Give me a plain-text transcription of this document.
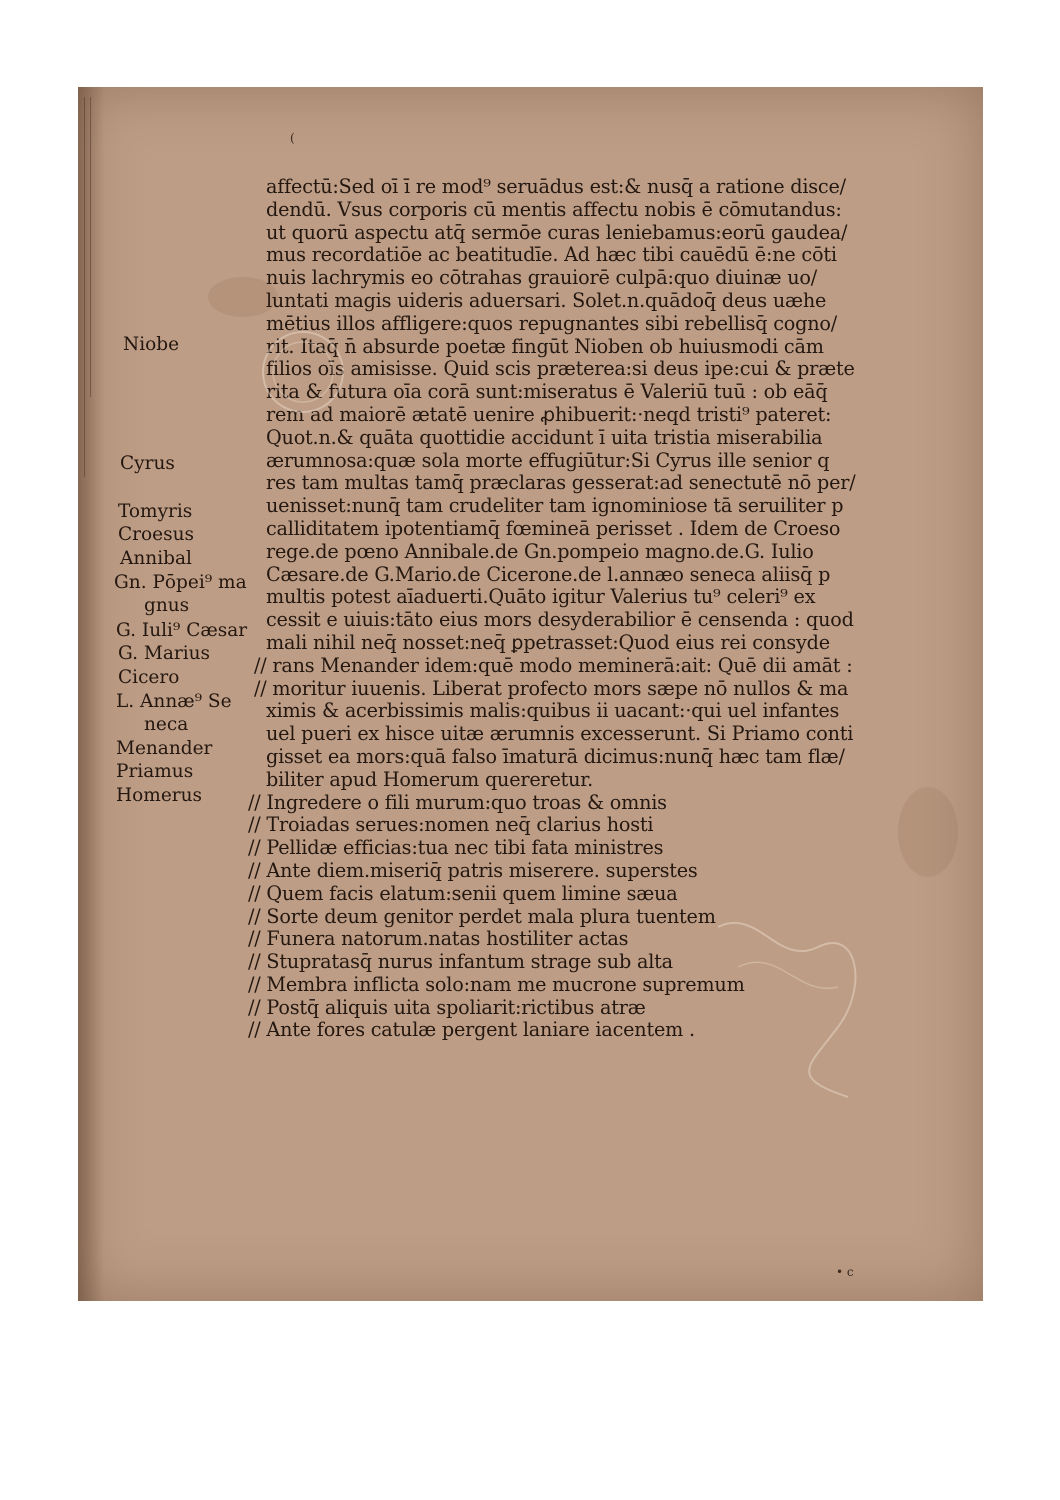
(
Niobe
Cyrus
Tomyris
Croesus
Annibal
Gn. Pōpei⁹ ma
gnus
G. Iuli⁹ Cæsar
G. Marius
Cicero
L. Annæ⁹ Se
neca
Menander
Priamus
Homerus
affectū:Sed oī ī re mod⁹ seruādus est:& nusq̄ a ratione disce/
dendū. Vsus corporis cū mentis affectu nobis ē cōmutandus:
ut quorū aspectu atq̄ sermōe curas leniebamus:eorū gaudea/
mus recordatiōe ac beatitudīe. Ad hæc tibi cauēdū ē:ne cōti
nuis lachrymis eo cōtrahas grauiorē culpā:quo diuinæ uo/
luntati magis uideris aduersari. Solet.n.quādoq̄ deus uæhe
mētius illos affligere:quos repugnantes sibi rebellisq̄ cogno/
rit. Itaq̄ n̄ absurde poetæ fingūt Nioben ob huiusmodi cām
filios oīs amisisse. Quid scis præterea:si deus ipe:cui & præte
rita & futura oīa corā sunt:miseratus ē Valeriū tuū : ob eāq̄
rem ad maiorē ætatē uenire ꝓhibuerit:·neqd tristi⁹ pateret:
Quot.n.& quāta quottidie accidunt ī uita tristia miserabilia
ærumnosa:quæ sola morte effugiūtur:Si Cyrus ille senior q
res tam multas tamq̄ præclaras gesserat:ad senectutē nō per/
uenisset:nunq̄ tam crudeliter tam ignominiose tā seruiliter p
calliditatem ipotentiamq̄ fœmineā perisset . Idem de Croeso
rege.de pœno Annibale.de Gn.pompeio magno.de.G. Iulio
Cæsare.de G.Mario.de Cicerone.de l.annæo seneca aliisq̄ p
multis potest aīaduerti.Quāto igitur Valerius tu⁹ celeri⁹ ex
cessit e uiuis:tāto eius mors desyderabilior ē censenda : quod
mali nihil neq̄ nosset:neq̄ ꝑpetrasset:Quod eius rei consyde
// rans Menander idem:quē modo meminerā:ait: Quē dii amāt :
// moritur iuuenis. Liberat profecto mors sæpe nō nullos & ma
ximis & acerbissimis malis:quibus ii uacant:·qui uel infantes
uel pueri ex hisce uitæ ærumnis excesserunt. Si Priamo conti
gisset ea mors:quā falso īmaturā dicimus:nunq̄ hæc tam flæ/
biliter apud Homerum quereretur.
// Ingredere o fili murum:quo troas & omnis
// Troiadas serues:nomen neq̄ clarius hosti
// Pellidæ efficias:tua nec tibi fata ministres
// Ante diem.miseriq̄ patris miserere. superstes
// Quem facis elatum:senii quem limine sæua
// Sorte deum genitor perdet mala plura tuentem
// Funera natorum.natas hostiliter actas
// Stupratasq̄ nurus infantum strage sub alta
// Membra inflicta solo:nam me mucrone supremum
// Postq̄ aliquis uita spoliarit:rictibus atræ
// Ante fores catulæ pergent laniare iacentem .
• c
